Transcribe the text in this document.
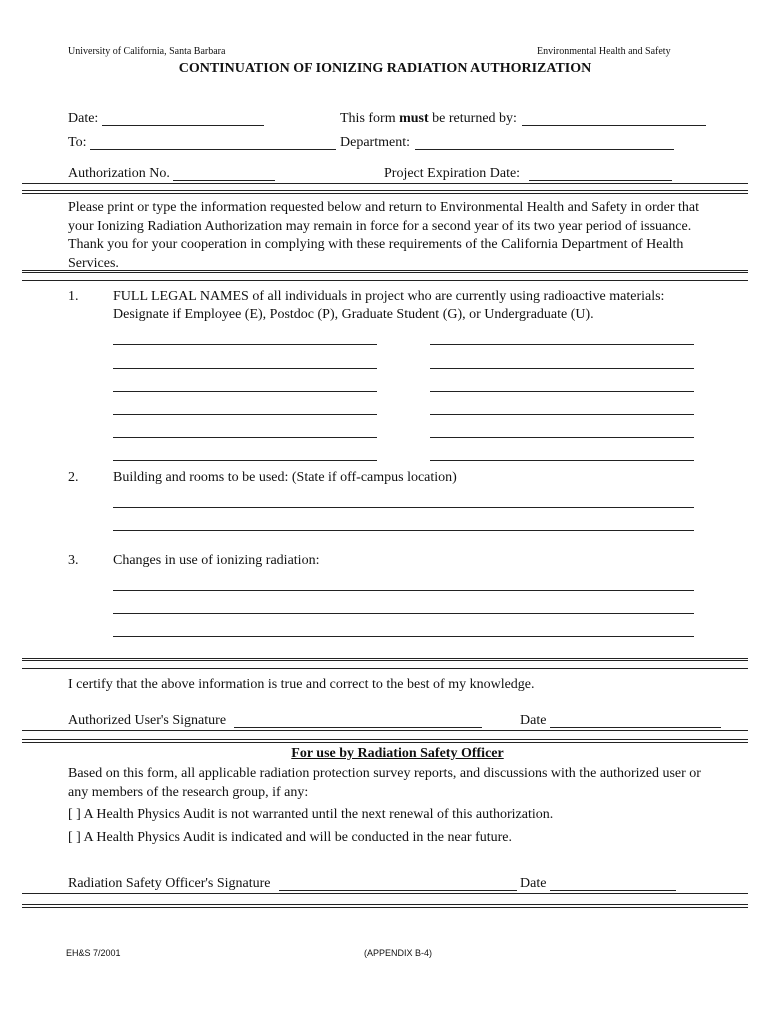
University of California, Santa Barbara	Environmental Health and Safety
CONTINUATION OF IONIZING RADIATION AUTHORIZATION
Date:	This form must be returned by:
To:	Department:
Authorization No.	Project Expiration Date:
Please print or type the information requested below and return to Environmental Health and Safety in order that your Ionizing Radiation Authorization may remain in force for a second year of its two year period of issuance. Thank you for your cooperation in complying with these requirements of the California Department of Health Services.
1. FULL LEGAL NAMES of all individuals in project who are currently using radioactive materials:
Designate if Employee (E), Postdoc (P), Graduate Student (G), or Undergraduate (U).
2. Building and rooms to be used: (State if off-campus location)
3. Changes in use of ionizing radiation:
I certify that the above information is true and correct to the best of my knowledge.
Authorized User's Signature	Date
For use by Radiation Safety Officer
Based on this form, all applicable radiation protection survey reports, and discussions with the authorized user or any members of the research group, if any:
[ ] A Health Physics Audit is not warranted until the next renewal of this authorization.
[ ] A Health Physics Audit is indicated and will be conducted in the near future.
Radiation Safety Officer's Signature	Date
EH&S 7/2001	(APPENDIX B-4)
